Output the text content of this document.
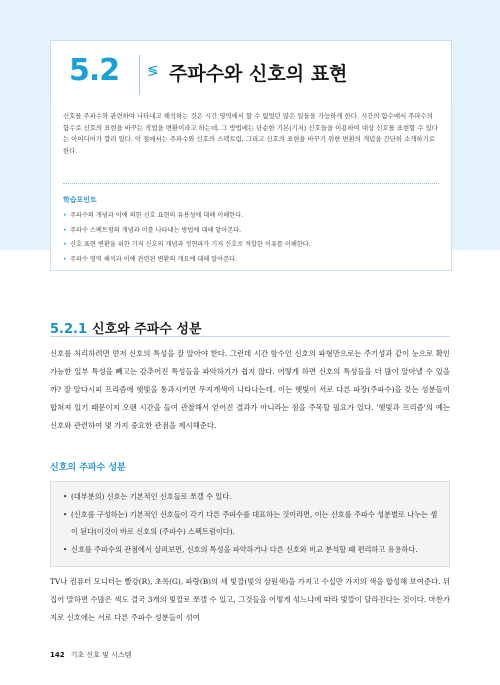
5.2 ≶ 주파수와 신호의 표현
신호를 주파수와 관련하여 나타내고 해석하는 것은 시간 영역에서 할 수 없었던 많은 일들을 가능하게 한다. 시간의 함수에서 주파수의 함수로 신호의 표현을 바꾸는 작업을 변환이라고 하는데, 그 방법에는 단순한 기본(기저) 신호들을 이용하여 대상 신호를 표현할 수 있다는 아이디어가 깔려 있다. 이 절에서는 주파수와 신호의 스펙트럼, 그리고 신호의 표현을 바꾸기 위한 변환의 개념을 간단히 소개하기로 한다.
학습포인트
• 주파수의 개념과 이에 의한 신호 표현의 유용성에 대해 이해한다.
• 주파수 스펙트럼의 개념과 이를 나타내는 방법에 대해 알아본다.
• 신호 표현 변환을 위한 기저 신호의 개념과 정현파가 기저 신호로 적합한 이유를 이해한다.
• 주파수 영역 해석과 이에 관련된 변환의 개요에 대해 알아본다.
5.2.1 신호와 주파수 성분
신호를 처리하려면 먼저 신호의 특성을 잘 알아야 한다. 그런데 시간 함수인 신호의 파형만으로는 주기성과 같이 눈으로 확인 가능한 일부 특성을 빼고는 감추어진 특성들을 파악하기가 쉽지 않다. 어떻게 하면 신호의 특성들을 더 많이 알아낼 수 있을까? 잘 알다시피 프리즘에 햇빛을 통과시키면 무지개색이 나타나는데, 이는 햇빛이 서로 다른 파장(주파수)을 갖는 성분들이 합쳐져 있기 때문이지 오랜 시간을 들여 관찰해서 얻어진 결과가 아니라는 점을 주목할 필요가 있다. '햇빛과 프리즘'의 예는 신호와 관련하여 몇 가지 중요한 관점을 제시해준다.
신호의 주파수 성분
• (대부분의) 신호는 기본적인 신호들로 쪼갤 수 있다.
• (신호를 구성하는) 기본적인 신호들이 각기 다른 주파수를 대표하는 것이라면, 이는 신호를 주파수 성분별로 나누는 셈이 된다(이것이 바로 신호의 (주파수) 스펙트럼이다).
• 신호를 주파수의 관점에서 살펴보면, 신호의 특성을 파악하거나 다른 신호와 비교 분석할 때 편리하고 유용하다.
TV나 컴퓨터 모니터는 빨강(R), 초록(G), 파랑(B)의 세 빛깔(빛의 삼원색)을 가지고 수십만 가지의 색을 합성해 보여준다. 뒤집어 말하면 수많은 색도 결국 3개의 빛깔로 쪼갤 수 있고, 그것들을 어떻게 섞느냐에 따라 빛깔이 달라진다는 것이다. 마찬가지로 신호에는 서로 다른 주파수 성분들이 섞여
142 기초 신호 및 시스템
